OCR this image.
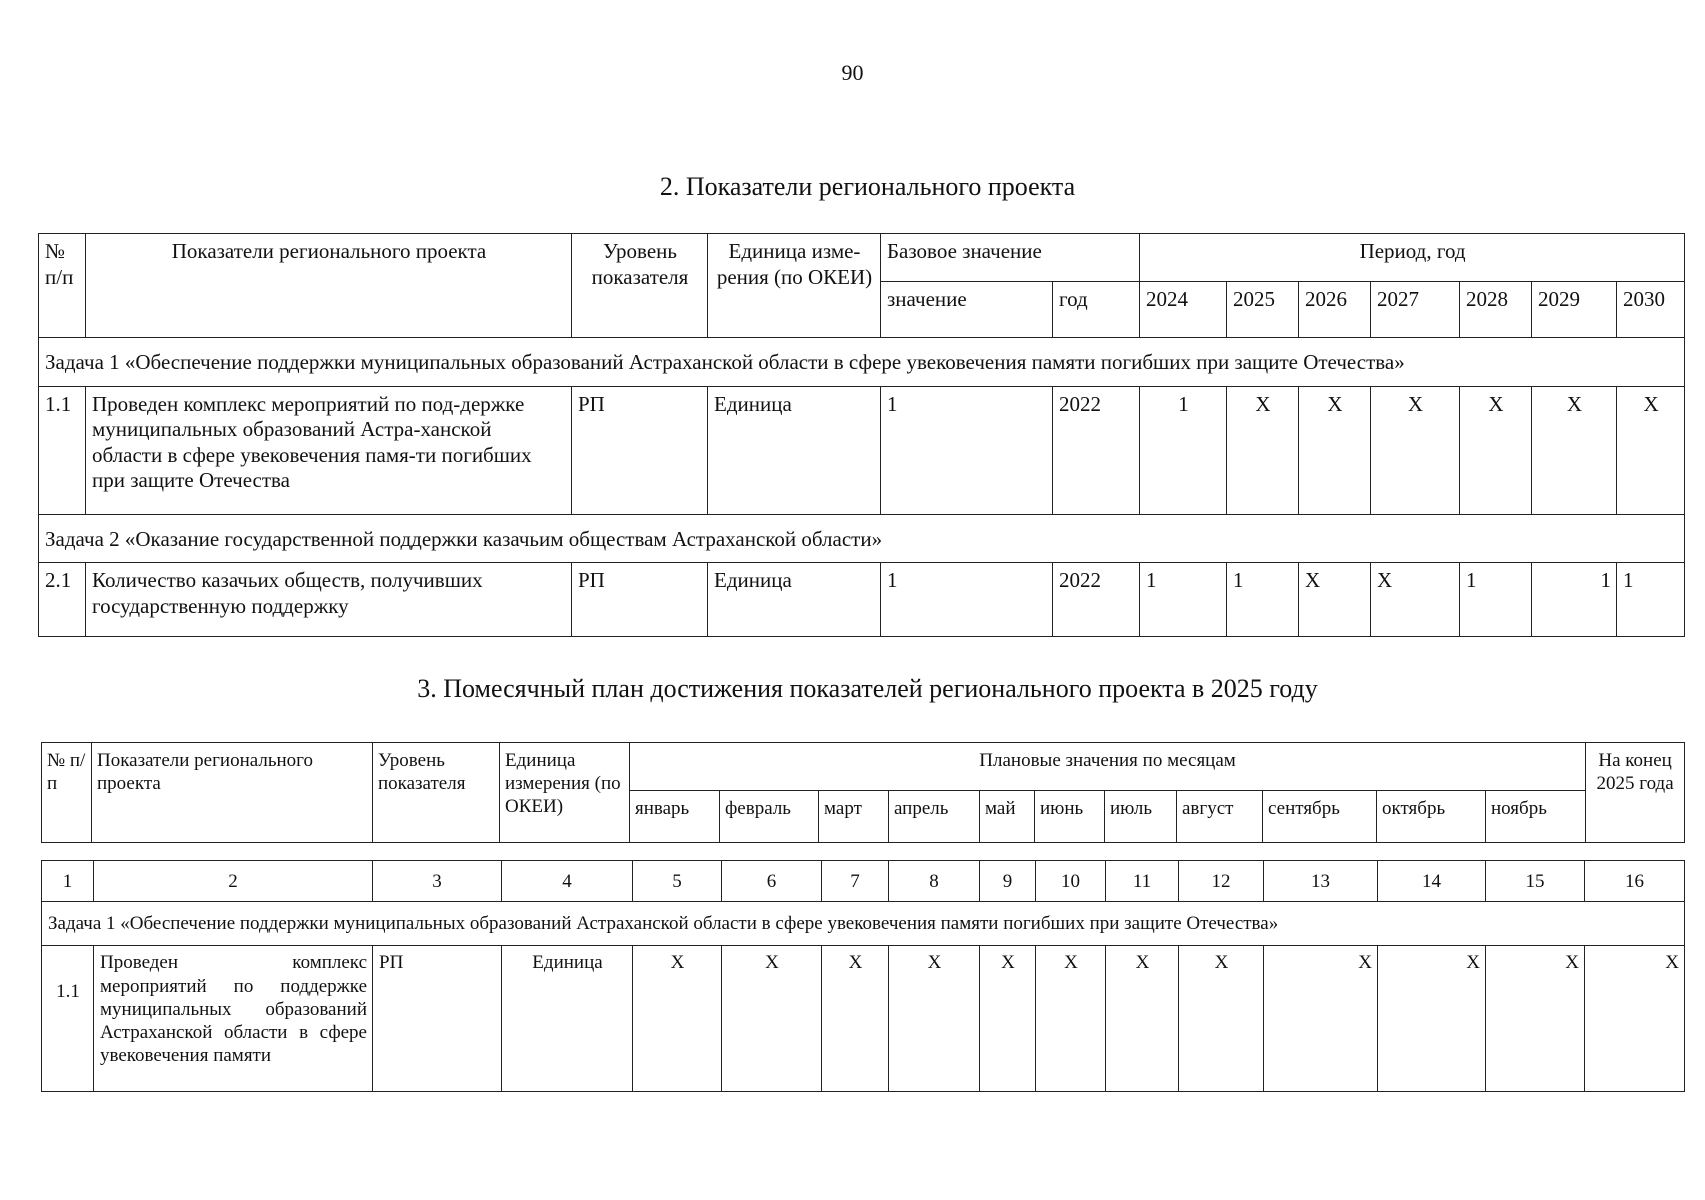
90
2. Показатели регионального проекта
№ п/п	Показатели регионального проекта	Уровень показателя	Единица изме-рения (по ОКЕИ)	Базовое значение		Период, год						
				значение	год	2024	2025	2026	2027	2028	2029	2030
Задача 1 «Обеспечение поддержки муниципальных образований Астраханской области в сфере увековечения памяти погибших при защите Отечества»												
1.1	Проведен комплекс мероприятий по под-держке муниципальных образований Астра-ханской области в сфере увековечения памя-ти погибших при защите Отечества	РП	Единица	1	2022	1	X	X	X	X	X	X
Задача 2 «Оказание государственной поддержки казачьим обществам Астраханской области»												
2.1	Количество казачьих обществ, получивших государственную поддержку	РП	Единица	1	2022	1	1	X	X	1	1	1
3. Помесячный план достижения показателей регионального проекта в 2025 году
№ п/п	Показатели регионального проекта	Уровень показателя	Единица измерения (по ОКЕИ)	Плановые значения по месяцам											На конец 2025 года
				январь	февраль	март	апрель	май	июнь	июль	август	сентябрь	октябрь	ноябрь	
1	2	3	4	5	6	7	8	9	10	11	12	13	14	15	16
Задача 1 «Обеспечение поддержки муниципальных образований Астраханской области в сфере увековечения памяти погибших при защите Отечества»															
1.1	Проведен комплекс мероприятий по поддержке муниципальных образований Астраханской области в сфере увековечения памяти	РП	Единица	X	X	X	X	X	X	X	X	X	X	X	X
